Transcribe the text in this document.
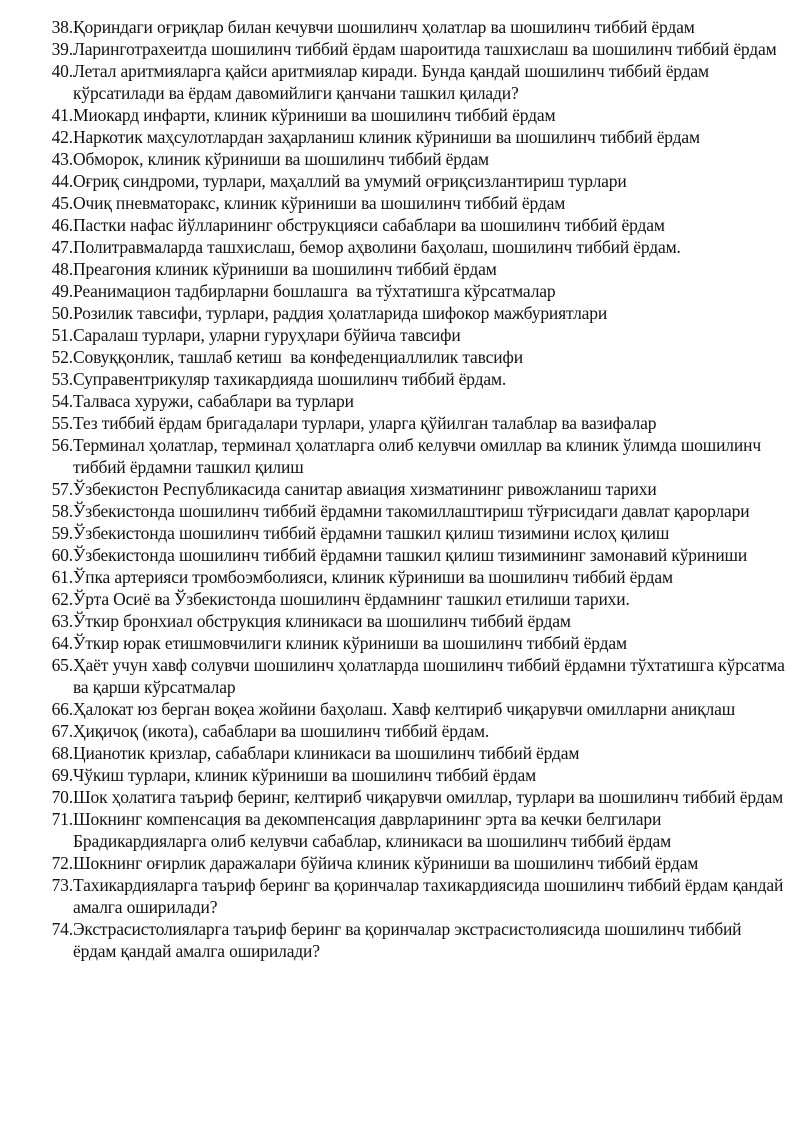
38. Қориндаги оғриқлар билан кечувчи шошилинч ҳолатлар ва шошилинч тиббий ёрдам
39. Ларинготрахеитда шошилинч тиббий ёрдам шароитида ташхислаш ва шошилинч тиббий ёрдам
40. Летал аритмияларга қайси аритмиялар киради. Бунда қандай шошилинч тиббий ёрдам кўрсатилади ва ёрдам давомийлиги қанчани ташкил қилади?
41. Миокард инфарти, клиник кўриниши ва шошилинч тиббий ёрдам
42. Наркотик маҳсулотлардан заҳарланиш клиник кўриниши ва шошилинч тиббий ёрдам
43. Обморок, клиник кўриниши ва шошилинч тиббий ёрдам
44. Оғриқ синдроми, турлари, маҳаллий ва умумий оғриқсизлантириш турлари
45. Очиқ пневматоракс, клиник кўриниши ва шошилинч тиббий ёрдам
46. Пастки нафас йўлларининг обструкцияси сабаблари ва шошилинч тиббий ёрдам
47. Политравмаларда ташхислаш, бемор аҳволини баҳолаш, шошилинч тиббий ёрдам.
48. Преагония клиник кўриниши ва шошилинч тиббий ёрдам
49. Реанимацион тадбирларни бошлашга  ва тўхтатишга кўрсатмалар
50. Розилик тавсифи, турлари, раддия ҳолатларида шифокор мажбуриятлари
51. Саралаш турлари, уларни гуруҳлари бўйича тавсифи
52. Совуққонлик, ташлаб кетиш  ва конфеденциаллилик тавсифи
53. Суправентрикуляр тахикардияда шошилинч тиббий ёрдам.
54. Талваса хуружи, сабаблари ва турлари
55. Тез тиббий ёрдам бригадалари турлари, уларга қўйилган талаблар ва вазифалар
56. Терминал ҳолатлар, терминал ҳолатларга олиб келувчи омиллар ва клиник ўлимда шошилинч тиббий ёрдамни ташкил қилиш
57. Ўзбекистон Республикасида санитар авиация хизматининг ривожланиш тарихи
58. Ўзбекистонда шошилинч тиббий ёрдамни такомиллаштириш тўғрисидаги давлат қарорлари
59. Ўзбекистонда шошилинч тиббий ёрдамни ташкил қилиш тизимини ислоҳ қилиш
60. Ўзбекистонда шошилинч тиббий ёрдамни ташкил қилиш тизимининг замонавий кўриниши
61. Ўпка артерияси тромбоэмболияси, клиник кўриниши ва шошилинч тиббий ёрдам
62. Ўрта Осиё ва Ўзбекистонда шошилинч ёрдамнинг ташкил етилиши тарихи.
63. Ўткир бронхиал обструкция клиникаси ва шошилинч тиббий ёрдам
64. Ўткир юрак етишмовчилиги клиник кўриниши ва шошилинч тиббий ёрдам
65. Ҳаёт учун хавф солувчи шошилинч ҳолатларда шошилинч тиббий ёрдамни тўхтатишга кўрсатма ва қарши кўрсатмалар
66. Ҳалокат юз берган воқеа жойини баҳолаш. Хавф келтириб чиқарувчи омилларни аниқлаш
67. Ҳиқичоқ (икота), сабаблари ва шошилинч тиббий ёрдам.
68. Цианотик кризлар, сабаблари клиникаси ва шошилинч тиббий ёрдам
69. Чўкиш турлари, клиник кўриниши ва шошилинч тиббий ёрдам
70. Шок ҳолатига таъриф беринг, келтириб чиқарувчи омиллар, турлари ва шошилинч тиббий ёрдам
71. Шокнинг компенсация ва декомпенсация даврларининг эрта ва кечки белгилари Брадикардияларга олиб келувчи сабаблар, клиникаси ва шошилинч тиббий ёрдам
72. Шокнинг оғирлик даражалари бўйича клиник кўриниши ва шошилинч тиббий ёрдам
73. Тахикардияларга таъриф беринг ва қоринчалар тахикардиясида шошилинч тиббий ёрдам қандай амалга оширилади?
74. Экстрасистолияларга таъриф беринг ва қоринчалар экстрасистолиясида шошилинч тиббий ёрдам қандай амалга оширилади?
